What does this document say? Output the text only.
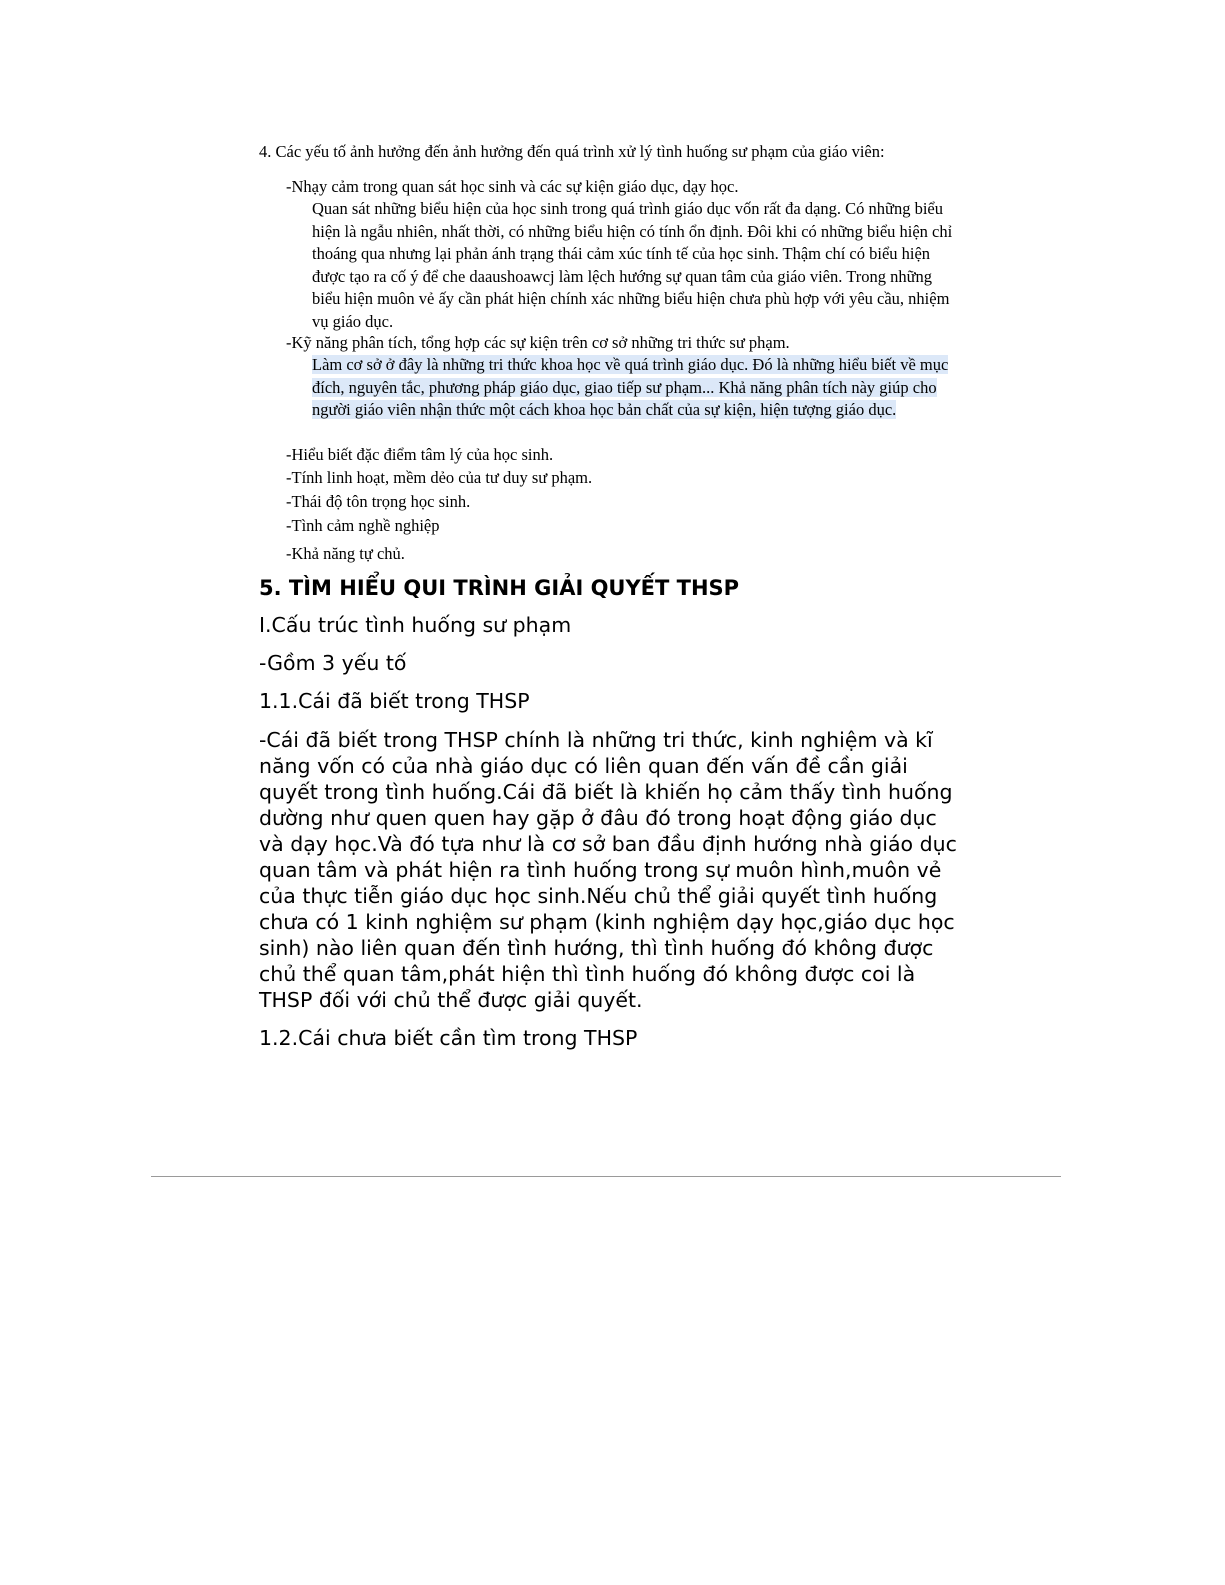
4. Các yếu tố ảnh hưởng đến ảnh hưởng đến quá trình xử lý tình huống sư phạm của giáo viên:

-Nhạy cảm trong quan sát học sinh và các sự kiện giáo dục, dạy học.

Quan sát những biểu hiện của học sinh trong quá trình giáo dục vốn rất đa dạng. Có những biểu hiện là ngẫu nhiên, nhất thời, có những biểu hiện có tính ổn định. Đôi khi có những biểu hiện chỉ thoáng qua nhưng lại phản ánh trạng thái cảm xúc tính tế của học sinh. Thậm chí có biểu hiện được tạo ra cố ý để che daaushoawcj làm lệch hướng sự quan tâm của giáo viên. Trong những biểu hiện muôn vẻ ấy cần phát hiện chính xác những biểu hiện chưa phù hợp với yêu cầu, nhiệm vụ giáo dục.

-Kỹ năng phân tích, tổng hợp các sự kiện trên cơ sở những tri thức sư phạm.

Làm cơ sở ở đây là những tri thức khoa học về quá trình giáo dục. Đó là những hiểu biết về mục đích, nguyên tắc, phương pháp giáo dục, giao tiếp sư phạm... Khả năng phân tích này giúp cho người giáo viên nhận thức một cách khoa học bản chất của sự kiện, hiện tượng giáo dục.

-Hiểu biết đặc điểm tâm lý của học sinh.

-Tính linh hoạt, mềm dẻo của tư duy sư phạm.

-Thái độ tôn trọng học sinh.

-Tình cảm nghề nghiệp

-Khả năng tự chủ.

5. TÌM HIỂU QUI TRÌNH GIẢI QUYẾT THSP

I.Cấu trúc tình huống sư phạm

-Gồm 3 yếu tố

1.1.Cái đã biết trong THSP

-Cái đã biết trong THSP chính là những tri thức, kinh nghiệm và kĩ năng vốn có của nhà giáo dục có liên quan đến vấn đề cần giải quyết trong tình huống.Cái đã biết là khiến họ cảm thấy tình huống dường như quen quen hay gặp ở đâu đó trong hoạt động giáo dục và dạy học.Và đó tựa như là cơ sở ban đầu định hướng nhà giáo dục quan tâm và phát hiện ra tình huống trong sự muôn hình,muôn vẻ của thực tiễn giáo dục học sinh.Nếu chủ thể giải quyết tình huống chưa có 1 kinh nghiệm sư phạm (kinh nghiệm dạy học,giáo dục học sinh) nào liên quan đến tình hướng, thì tình huống đó không được chủ thể quan tâm,phát hiện thì tình huống đó không được coi là THSP đối với chủ thể được giải quyết.

1.2.Cái chưa biết cần tìm trong THSP
